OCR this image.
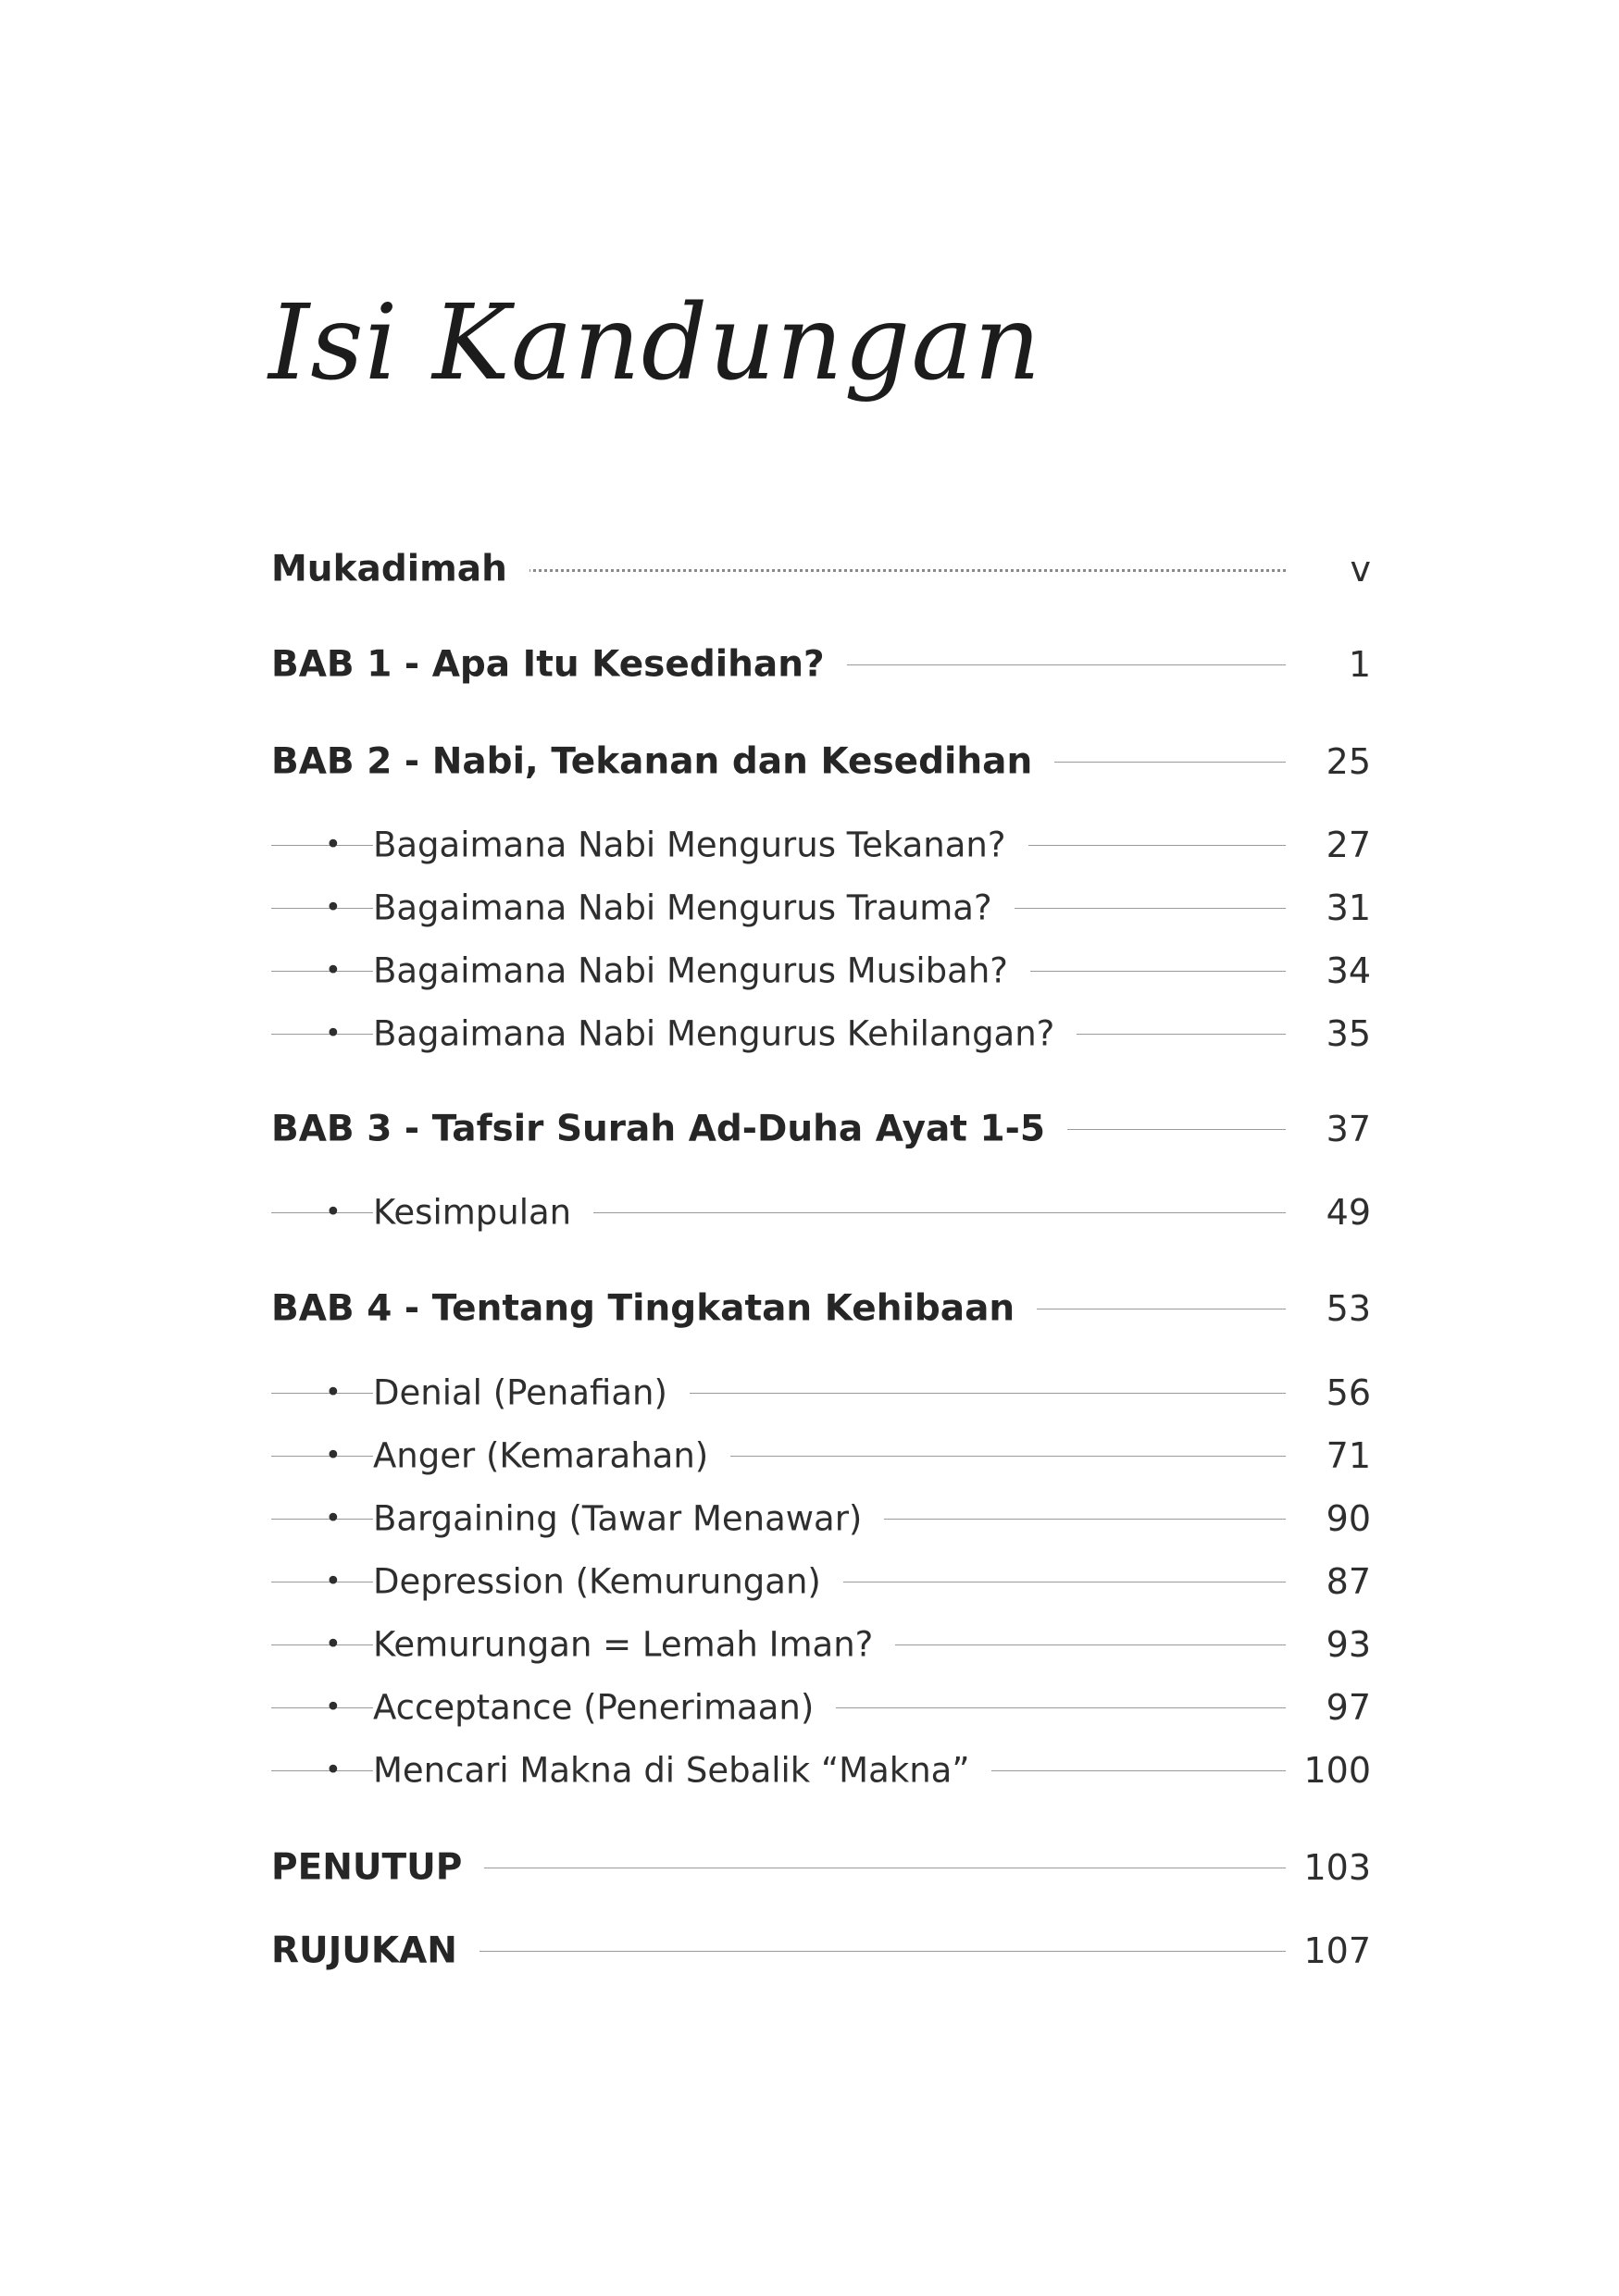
Isi Kandungan
Mukadimah	v
BAB 1 - Apa Itu Kesedihan?	1
BAB 2 - Nabi, Tekanan dan Kesedihan	25
• Bagaimana Nabi Mengurus Tekanan?	27
• Bagaimana Nabi Mengurus Trauma?	31
• Bagaimana Nabi Mengurus Musibah?	34
• Bagaimana Nabi Mengurus Kehilangan?	35
BAB 3 - Tafsir Surah Ad-Duha Ayat 1-5	37
• Kesimpulan	49
BAB 4 - Tentang Tingkatan Kehibaan	53
• Denial (Penafian)	56
• Anger (Kemarahan)	71
• Bargaining (Tawar Menawar)	90
• Depression (Kemurungan)	87
• Kemurungan = Lemah Iman?	93
• Acceptance (Penerimaan)	97
• Mencari Makna di Sebalik “Makna”	100
PENUTUP	103
RUJUKAN	107
